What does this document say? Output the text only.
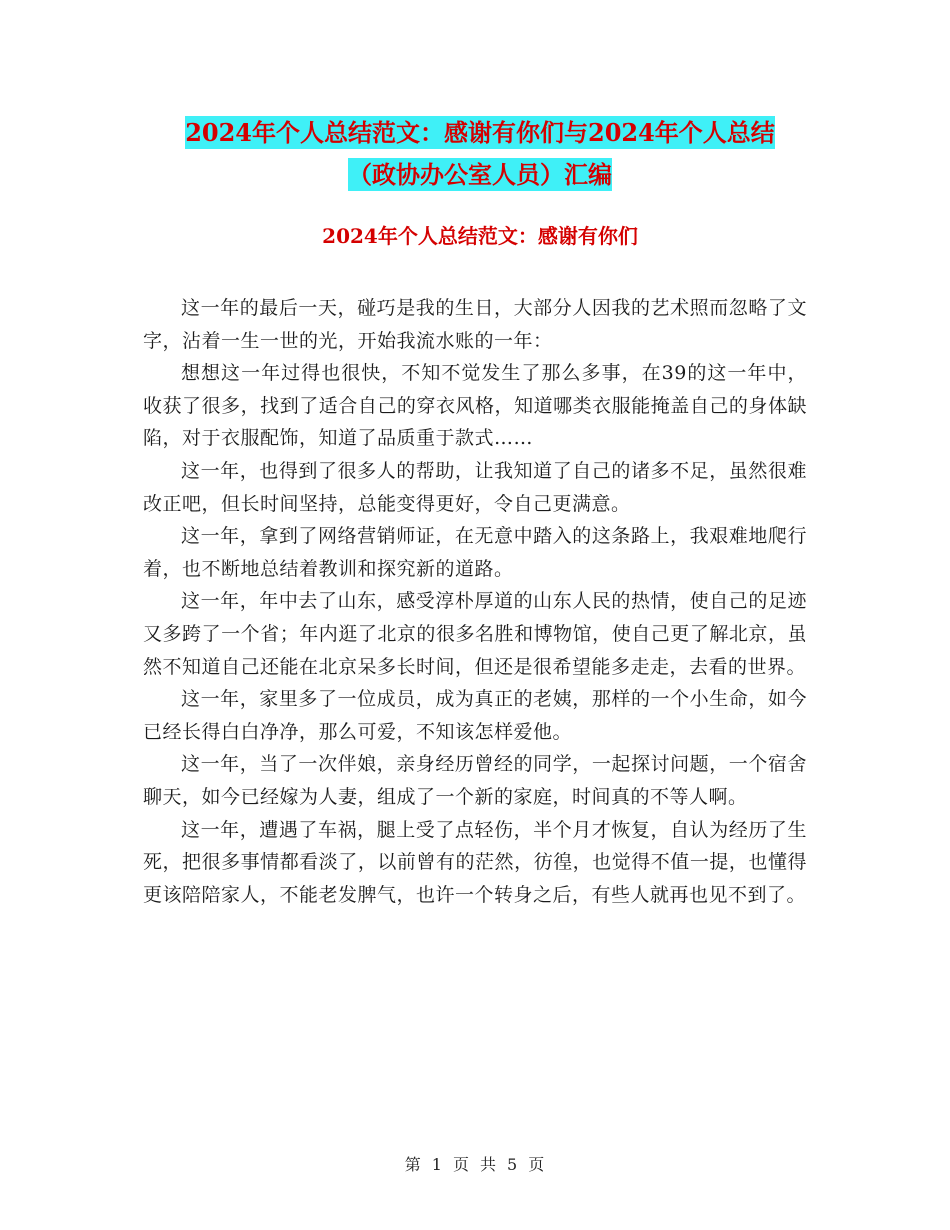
2024年个人总结范文：感谢有你们与2024年个人总结
（政协办公室人员）汇编
2024年个人总结范文：感谢有你们

这一年的最后一天，碰巧是我的生日，大部分人因我的艺术照而忽略了文字，沾着一生一世的光，开始我流水账的一年：

想想这一年过得也很快，不知不觉发生了那么多事，在39的这一年中，收获了很多，找到了适合自己的穿衣风格，知道哪类衣服能掩盖自己的身体缺陷，对于衣服配饰，知道了品质重于款式……

这一年，也得到了很多人的帮助，让我知道了自己的诸多不足，虽然很难改正吧，但长时间坚持，总能变得更好，令自己更满意。

这一年，拿到了网络营销师证，在无意中踏入的这条路上，我艰难地爬行着，也不断地总结着教训和探究新的道路。

这一年，年中去了山东，感受淳朴厚道的山东人民的热情，使自己的足迹又多跨了一个省；年内逛了北京的很多名胜和博物馆，使自己更了解北京，虽然不知道自己还能在北京呆多长时间，但还是很希望能多走走，去看的世界。

这一年，家里多了一位成员，成为真正的老姨，那样的一个小生命，如今已经长得白白净净，那么可爱，不知该怎样爱他。

这一年，当了一次伴娘，亲身经历曾经的同学，一起探讨问题，一个宿舍聊天，如今已经嫁为人妻，组成了一个新的家庭，时间真的不等人啊。

这一年，遭遇了车祸，腿上受了点轻伤，半个月才恢复，自认为经历了生死，把很多事情都看淡了，以前曾有的茫然，彷徨，也觉得不值一提，也懂得更该陪陪家人，不能老发脾气，也许一个转身之后，有些人就再也见不到了。

第 1 页 共 5 页
